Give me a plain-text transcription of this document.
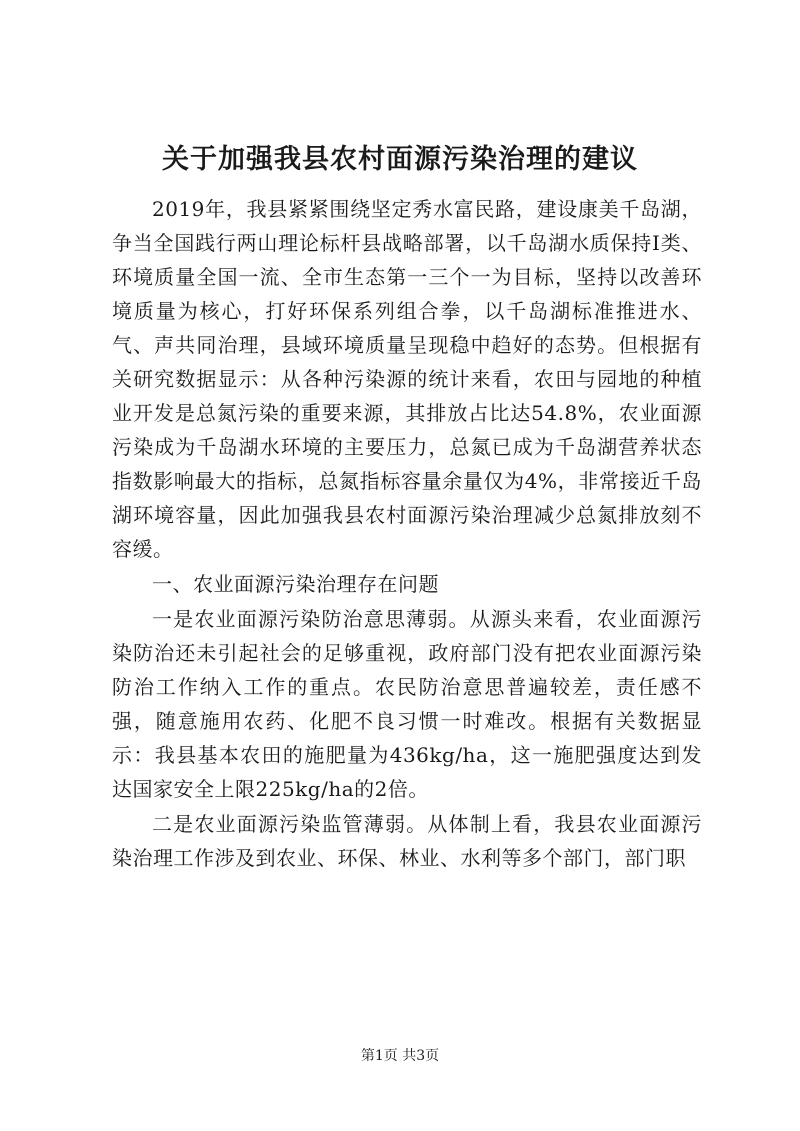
关于加强我县农村面源污染治理的建议

2019年，我县紧紧围绕坚定秀水富民路，建设康美千岛湖，争当全国践行两山理论标杆县战略部署，以千岛湖水质保持Ⅰ类、环境质量全国一流、全市生态第一三个一为目标，坚持以改善环境质量为核心，打好环保系列组合拳，以千岛湖标准推进水、气、声共同治理，县域环境质量呈现稳中趋好的态势。但根据有关研究数据显示：从各种污染源的统计来看，农田与园地的种植业开发是总氮污染的重要来源，其排放占比达54.8%，农业面源污染成为千岛湖水环境的主要压力，总氮已成为千岛湖营养状态指数影响最大的指标，总氮指标容量余量仅为4%，非常接近千岛湖环境容量，因此加强我县农村面源污染治理减少总氮排放刻不容缓。

一、农业面源污染治理存在问题

一是农业面源污染防治意思薄弱。从源头来看，农业面源污染防治还未引起社会的足够重视，政府部门没有把农业面源污染防治工作纳入工作的重点。农民防治意思普遍较差，责任感不强，随意施用农药、化肥不良习惯一时难改。根据有关数据显示：我县基本农田的施肥量为436kg/ha，这一施肥强度达到发达国家安全上限225kg/ha的2倍。

二是农业面源污染监管薄弱。从体制上看，我县农业面源污染治理工作涉及到农业、环保、林业、水利等多个部门，部门职

第1页 共3页
